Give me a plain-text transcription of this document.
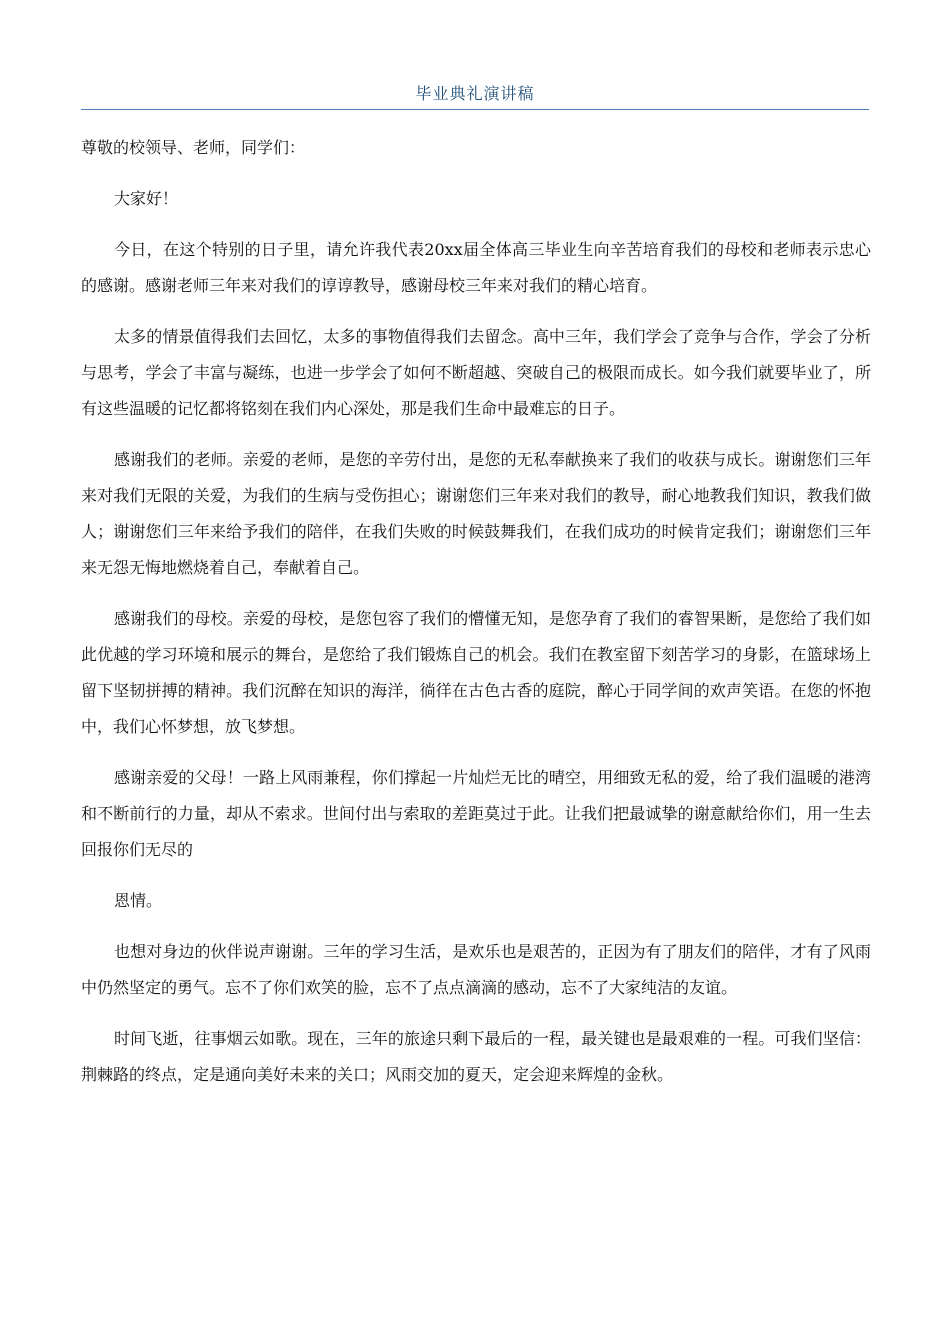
毕业典礼演讲稿

尊敬的校领导、老师，同学们：

大家好！

今日，在这个特别的日子里，请允许我代表20xx届全体高三毕业生向辛苦培育我们的母校和老师表示忠心的感谢。感谢老师三年来对我们的谆谆教导，感谢母校三年来对我们的精心培育。

太多的情景值得我们去回忆，太多的事物值得我们去留念。高中三年，我们学会了竞争与合作，学会了分析与思考，学会了丰富与凝练，也进一步学会了如何不断超越、突破自己的极限而成长。如今我们就要毕业了，所有这些温暖的记忆都将铭刻在我们内心深处，那是我们生命中最难忘的日子。

感谢我们的老师。亲爱的老师，是您的辛劳付出，是您的无私奉献换来了我们的收获与成长。谢谢您们三年来对我们无限的关爱，为我们的生病与受伤担心；谢谢您们三年来对我们的教导，耐心地教我们知识，教我们做人；谢谢您们三年来给予我们的陪伴，在我们失败的时候鼓舞我们，在我们成功的时候肯定我们；谢谢您们三年来无怨无悔地燃烧着自己，奉献着自己。

感谢我们的母校。亲爱的母校，是您包容了我们的懵懂无知，是您孕育了我们的睿智果断，是您给了我们如此优越的学习环境和展示的舞台，是您给了我们锻炼自己的机会。我们在教室留下刻苦学习的身影，在篮球场上留下坚韧拼搏的精神。我们沉醉在知识的海洋，徜徉在古色古香的庭院，醉心于同学间的欢声笑语。在您的怀抱中，我们心怀梦想，放飞梦想。

感谢亲爱的父母！一路上风雨兼程，你们撑起一片灿烂无比的晴空，用细致无私的爱，给了我们温暖的港湾和不断前行的力量，却从不索求。世间付出与索取的差距莫过于此。让我们把最诚挚的谢意献给你们，用一生去回报你们无尽的

恩情。

也想对身边的伙伴说声谢谢。三年的学习生活，是欢乐也是艰苦的，正因为有了朋友们的陪伴，才有了风雨中仍然坚定的勇气。忘不了你们欢笑的脸，忘不了点点滴滴的感动，忘不了大家纯洁的友谊。

时间飞逝，往事烟云如歌。现在，三年的旅途只剩下最后的一程，最关键也是最艰难的一程。可我们坚信：荆棘路的终点，定是通向美好未来的关口；风雨交加的夏天，定会迎来辉煌的金秋。
